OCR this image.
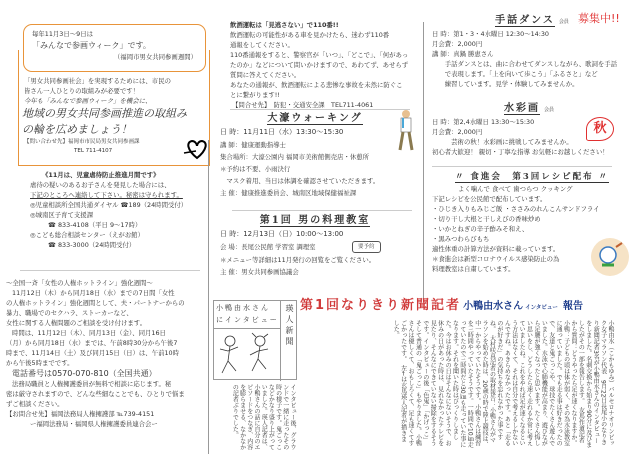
毎年11月3日〜9日は

「みんなで参画ウィーク」です。

（福岡市男女共同参画週間）

「男女共同参画社会」を実現するためには、市民の

皆さん一人ひとりの取組みが必要です！

今年も「みんなで参画ウィーク」を機会に、

地域の男女共同参画推進の取組み

の輪を広めましょう！

【問い合わせ先】福岡市市民局男女共同参画課

TEL 711-4107

《11月は、児童虐待防止推進月間です》

虐待の疑いのあるお子さんを発見した場合には、

下記のところへ連絡して下さい。秘密は守られます。

◎児童相談所全国共通ダイヤル ☎189（24時間受付）

◎城南区子育て支援課

☎ 833-4108（平日 9〜17時）

◎こども総合相談センター（えがお館）

☎ 833-3000（24時間受付）

〜全国一斉「女性の人権ホットライン」強化週間〜

11月12日（木）から同月18日（水）までの7日間「女性

の人権ホットライン」強化週間として、夫・パートナーからの

暴力、職場でのセクハラ、ストーカーなど、

女性に関する人権問題のご相談を受け付けます。

時間は、11月12日（木）、同月13日（金）、同月16日

（月）から同月18日（水）までは、午前8時30分から午後7

時まで、11月14日（土）及び同月15日（日）は、午前10時

から午後5時までです。

電話番号は0570-070-810（全国共通）

法務局職員と人権擁護委員が無料で相談に応じます。秘

密は厳守されますので、どんな些細なことでも、ひとりで悩ま

ずご相談ください。

【お問合せ先】福岡法務局人権擁護部 ℡739-4151

ー福岡法務局・福岡県人権擁護委員連合会ー

飲酒運転は「見逃さない」で110番!!

飲酒運転の可能性がある車を見かけたら、迷わず110番

通報をしてください。

110番通報をすると、警察官が「いつ」、「どこで」、「何があっ

たのか」などについて問いかけますので、あわてず、あせらず

質問に答えてください。

あなたの通報が、飲酒運転による悲惨な事故を未然に防ぐこ

とに繋がります!!

【問合せ先】　防犯・交通安全課　TEL711-4061

大濠ウォーキング

日 時：11月11日（水）13:30〜15:30

講 師：健康運動指導士

集合場所：大濠公園内 福岡市美術館側売店・休憩所

＊予約は不要、小雨決行

　マスク着用、当日は体調を確認させていただきます。

主 催：健康推進委員会、城南区地域保健福祉課

第1回 男の料理教室

日 時：12月13日（日）10:00〜13:00

会 場：長尾公民館 学習室 調理室	要予約

＊メニュー等詳細は11月発行の回覧をご覧ください。

主 催：男女共同参画協議会

募集中!!

手話ダンス 会員

日 時：第1・3・4水曜日 12:30〜14:30

月会費：2,000円

講 師：真鍋 勝恵さん

　　手話ダンスとは、曲に合わせてダンスしながら、歌詞を手話

　　で表現します。「上を向いて歩こう」「ふるさと」など

　　練習しています。見学・体験してみませんか。

水彩画 会員

日 時：第2,4水曜日 13:30〜15:30

月会費：2,000円

　　　芸術の秋！水彩画に挑戦してみませんか。

初心者大歓迎！ 親切・丁寧な指導 お気軽にお越しください！

秋
〃 食進会　第3回レシピ配布 〃

よく噛んで 食べて 歯つらつ クッキング

下記レシピを公民館で配布しています。

・ひじき入りもみじご飯 ・ささみのれんこんサンドフライ

・切り干し大根と干しえびの香味炒め

・いかとねぎの辛子酢みそ和え、

・黒みつわらびもち

適性体重の計算方法が資料に載っています。

＊食進会は新型コロナウイルス感染防止の為

料理教室は自粛しています。

第1回なりきり新聞記者 小鴨由水さん インタビュー 報告

小鴨由水さん

にインタビュー 瑛人新聞	小鴨由水（こかもゆみ）バルセロナオリンピック女子マラソン代表　9月22日長尾小のなりきり新聞記者3名が小鴨由水さんのインタビューをしました。名刺交換から始まり90分に及びましたがその一部を報告します。　友馬作道記者から質問：どうやったら足が速くなりますか。　小鴨：子どもの頃は体が弱く、その為水泳教室に通っていました。でも走る事は好きだったので、友達と鬼ごっこや、球技でたくさん遊んでいました。水泳で心肺機能が高まり、遊びながら足腰が強くなったと思います。たくさん悔しい思いをし、どうしたら速く走れるか常に考えていましたね。これをやれば足が速くなるという方法はなくて、それは自分で考えるしかないんですね。あきらめなかったです。あと「走るのが好きだ」の気持ちを忘れなかった事ですね。　大村咲真記者の取材報告：小鴨さんがマラソンを始めた時は、20歳の時で陸上競技は、中一からやっていたそうです。小鴨さんは練習を三時間やっていたそうです。一時間で10㎞走っていたので三時間だと30㎞も走っていた事になります。それを聞いた時はびっくりしました。今はお休みの日はそんなにないそうで、お休みの日があった時は、見れなかったテレビを見たり、そんなにできていない掃除をするそうです。インタビューの後「色鬼」「かげっこ」そして普通の「鬼ごっこ」もやりました。小鴨さんは優しくて、おもしろくて、足も速くてすごかったです。　左←は玄馬瑛人記者が描きました。
インタビュー後、グラウンドで一緒に走ったその時の様子です。鬼ごっこなどかなり盛り上がっていました。瑛人記者は、小鴨さんの話に自分のエピソードをつなぎ、内容を膨らませる、なかなかの記者ぶりでした。
